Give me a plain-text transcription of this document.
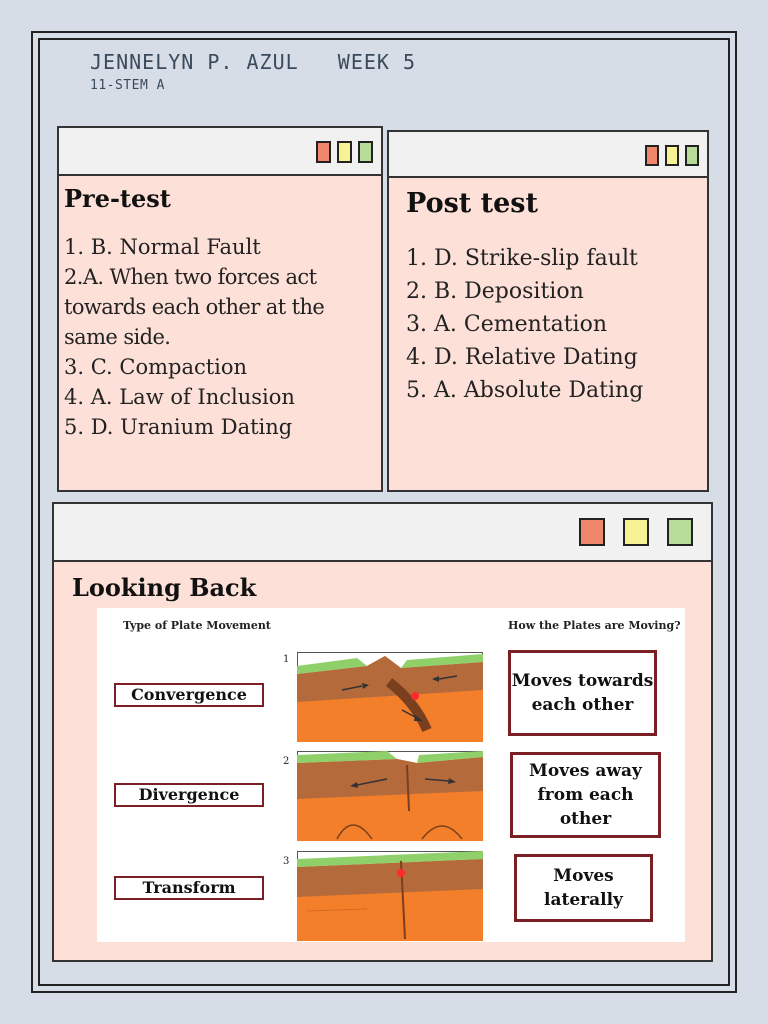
JENNELYN P. AZUL   WEEK 5
11-STEM A
Pre-test
1. B. Normal Fault
2.A. When two forces act towards each other at the same side.
3. C. Compaction
4. A. Law of Inclusion
5. D. Uranium Dating
Post test
1. D. Strike-slip fault
2. B. Deposition
3. A. Cementation
4. D. Relative Dating
5. A. Absolute Dating
Looking Back
Type of Plate Movement	How the Plates are Moving?
Convergence
1
Moves towards each other
Divergence
2	Moves away from each other
Transform
3
Moves laterally
